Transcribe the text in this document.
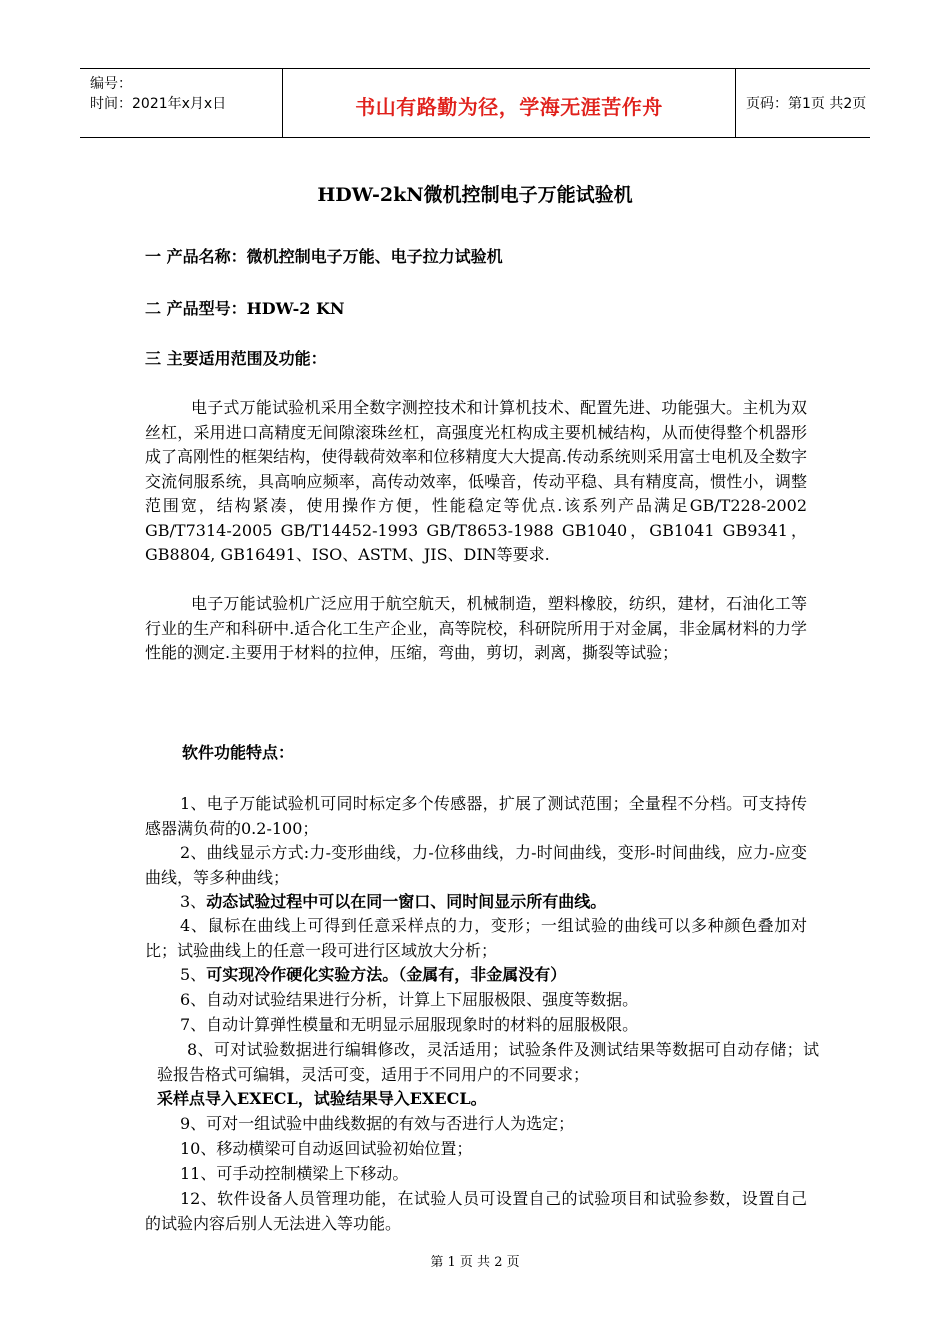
编号：
时间：2021年x月x日	书山有路勤为径，学海无涯苦作舟	页码：第1页 共2页
HDW-2kN微机控制电子万能试验机
一 产品名称：微机控制电子万能、电子拉力试验机
二 产品型号：HDW-2 KN
三 主要适用范围及功能：
电子式万能试验机采用全数字测控技术和计算机技术、配置先进、功能强大。主机为双丝杠，采用进口高精度无间隙滚珠丝杠，高强度光杠构成主要机械结构，从而使得整个机器形成了高刚性的框架结构，使得载荷效率和位移精度大大提高.传动系统则采用富士电机及全数字交流伺服系统，具高响应频率，高传动效率，低噪音，传动平稳、具有精度高，惯性小，调整范围宽，结构紧凑，使用操作方便，性能稳定等优点.该系列产品满足GB/T228-2002 GB/T7314-2005 GB/T14452-1993 GB/T8653-1988 GB1040，GB1041 GB9341，GB8804, GB16491、ISO、ASTM、JIS、DIN等要求.
电子万能试验机广泛应用于航空航天，机械制造，塑料橡胶，纺织，建材，石油化工等行业的生产和科研中.适合化工生产企业，高等院校，科研院所用于对金属，非金属材料的力学性能的测定.主要用于材料的拉伸，压缩，弯曲，剪切，剥离，撕裂等试验；
软件功能特点：
1、电子万能试验机可同时标定多个传感器，扩展了测试范围；全量程不分档。可支持传感器满负荷的0.2-100；
2、曲线显示方式:力-变形曲线，力-位移曲线，力-时间曲线，变形-时间曲线，应力-应变曲线，等多种曲线；
3、动态试验过程中可以在同一窗口、同时间显示所有曲线。
4、鼠标在曲线上可得到任意采样点的力，变形；一组试验的曲线可以多种颜色叠加对比；试验曲线上的任意一段可进行区域放大分析；
5、可实现冷作硬化实验方法。（金属有，非金属没有）
6、自动对试验结果进行分析，计算上下屈服极限、强度等数据。
7、自动计算弹性模量和无明显示屈服现象时的材料的屈服极限。
8、可对试验数据进行编辑修改，灵活适用；试验条件及测试结果等数据可自动存储；试验报告格式可编辑，灵活可变，适用于不同用户的不同要求；
采样点导入EXECL，试验结果导入EXECL。
9、可对一组试验中曲线数据的有效与否进行人为选定；
10、移动横梁可自动返回试验初始位置；
11、可手动控制横梁上下移动。
12、软件设备人员管理功能，在试验人员可设置自己的试验项目和试验参数，设置自己的试验内容后别人无法进入等功能。
第 1 页 共 2 页
